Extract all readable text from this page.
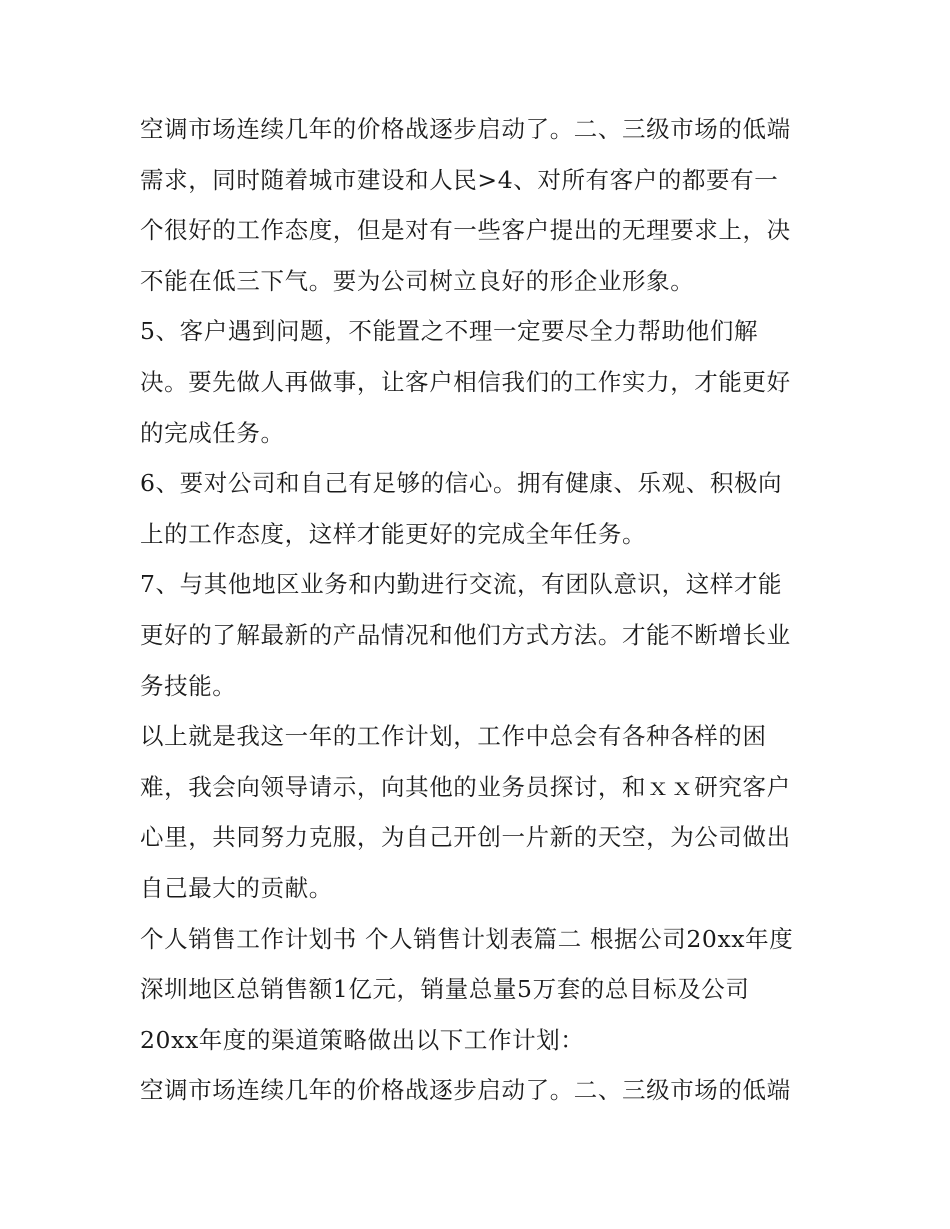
空调市场连续几年的价格战逐步启动了。二、三级市场的低端
需求，同时随着城市建设和人民>4、对所有客户的都要有一
个很好的工作态度，但是对有一些客户提出的无理要求上，决
不能在低三下气。要为公司树立良好的形企业形象。
5、客户遇到问题，不能置之不理一定要尽全力帮助他们解
决。要先做人再做事，让客户相信我们的工作实力，才能更好
的完成任务。
6、要对公司和自己有足够的信心。拥有健康、乐观、积极向
上的工作态度，这样才能更好的完成全年任务。
7、与其他地区业务和内勤进行交流，有团队意识，这样才能
更好的了解最新的产品情况和他们方式方法。才能不断增长业
务技能。
以上就是我这一年的工作计划，工作中总会有各种各样的困
难，我会向领导请示，向其他的业务员探讨，和ｘｘ研究客户
心里，共同努力克服，为自己开创一片新的天空，为公司做出
自己最大的贡献。
个人销售工作计划书 个人销售计划表篇二 根据公司20xx年度
深圳地区总销售额1亿元，销量总量5万套的总目标及公司
20xx年度的渠道策略做出以下工作计划：
空调市场连续几年的价格战逐步启动了。二、三级市场的低端
